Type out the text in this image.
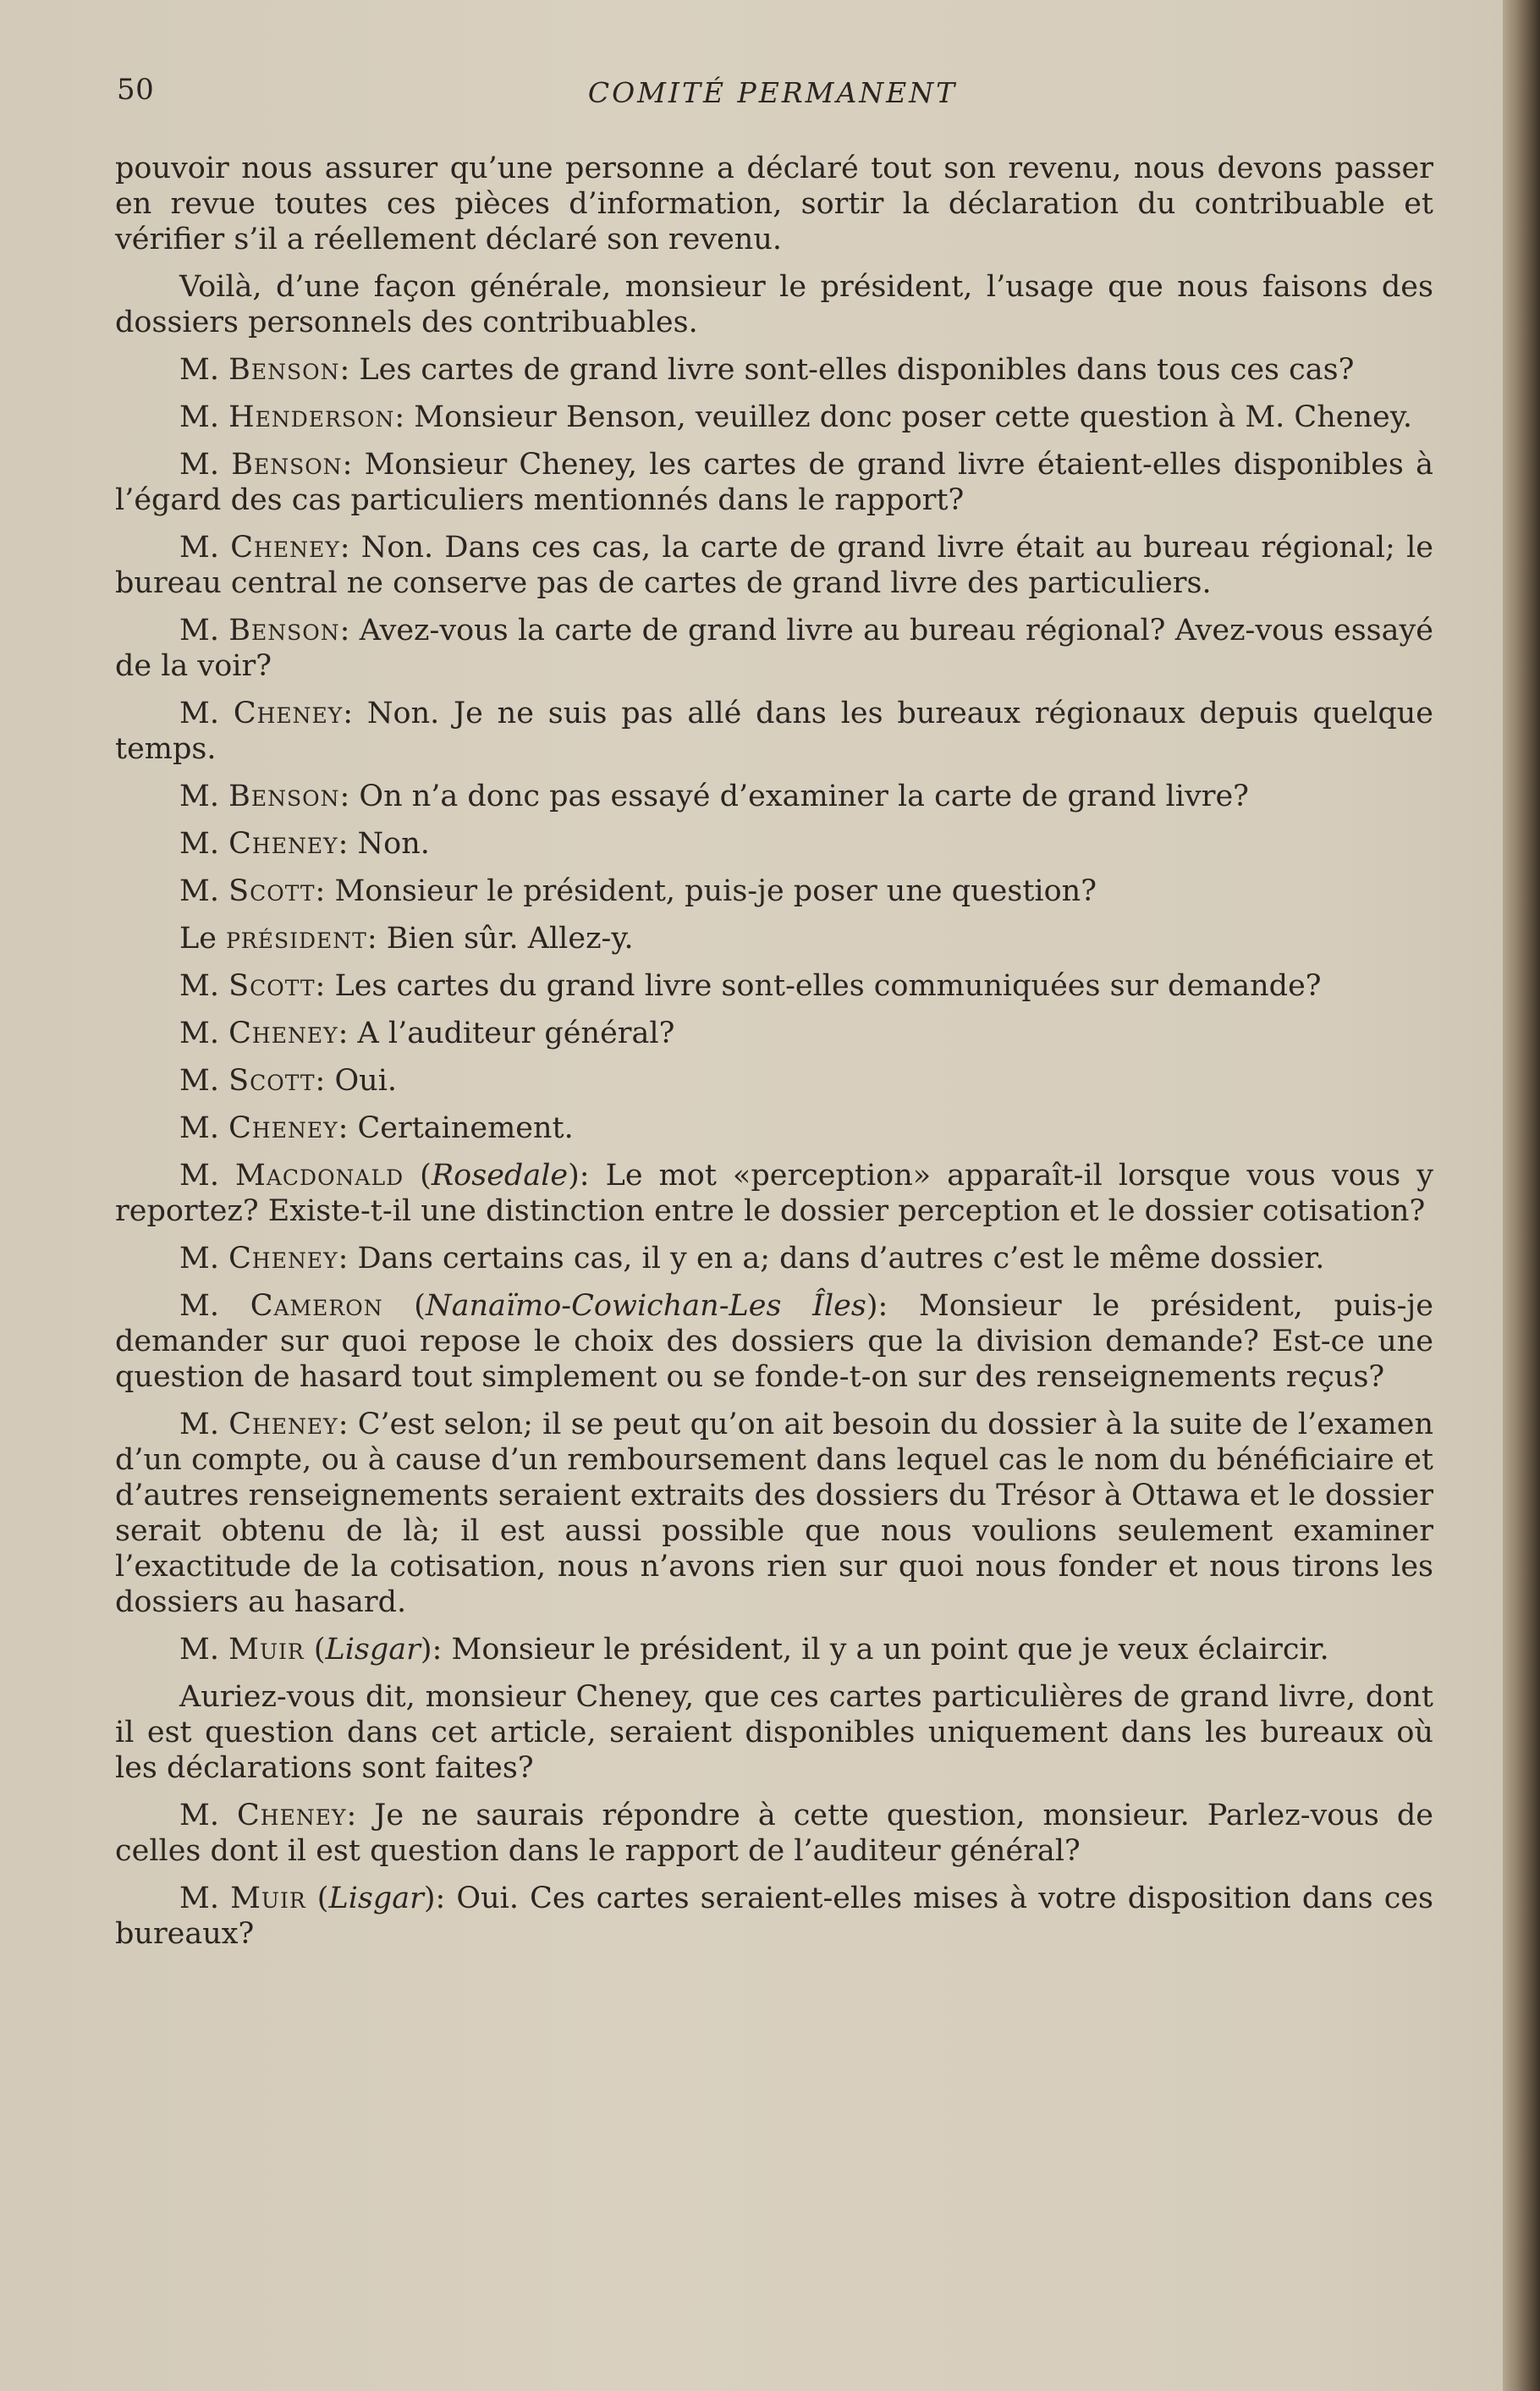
50	COMITÉ PERMANENT

pouvoir nous assurer qu’une personne a déclaré tout son revenu, nous devons passer en revue toutes ces pièces d’information, sortir la déclaration du contribuable et vérifier s’il a réellement déclaré son revenu.

Voilà, d’une façon générale, monsieur le président, l’usage que nous faisons des dossiers personnels des contribuables.

M. Benson: Les cartes de grand livre sont-elles disponibles dans tous ces cas?

M. Henderson: Monsieur Benson, veuillez donc poser cette question à M. Cheney.

M. Benson: Monsieur Cheney, les cartes de grand livre étaient-elles disponibles à l’égard des cas particuliers mentionnés dans le rapport?

M. Cheney: Non. Dans ces cas, la carte de grand livre était au bureau régional; le bureau central ne conserve pas de cartes de grand livre des particuliers.

M. Benson: Avez-vous la carte de grand livre au bureau régional? Avez-vous essayé de la voir?

M. Cheney: Non. Je ne suis pas allé dans les bureaux régionaux depuis quelque temps.

M. Benson: On n’a donc pas essayé d’examiner la carte de grand livre?

M. Cheney: Non.

M. Scott: Monsieur le président, puis-je poser une question?

Le président: Bien sûr. Allez-y.

M. Scott: Les cartes du grand livre sont-elles communiquées sur demande?

M. Cheney: A l’auditeur général?

M. Scott: Oui.

M. Cheney: Certainement.

M. Macdonald (Rosedale): Le mot «perception» apparaît-il lorsque vous vous y reportez? Existe-t-il une distinction entre le dossier perception et le dossier cotisation?

M. Cheney: Dans certains cas, il y en a; dans d’autres c’est le même dossier.

M. Cameron (Nanaïmo-Cowichan-Les Îles): Monsieur le président, puis-je demander sur quoi repose le choix des dossiers que la division demande? Est-ce une question de hasard tout simplement ou se fonde-t-on sur des renseignements reçus?

M. Cheney: C’est selon; il se peut qu’on ait besoin du dossier à la suite de l’examen d’un compte, ou à cause d’un remboursement dans lequel cas le nom du bénéficiaire et d’autres renseignements seraient extraits des dossiers du Trésor à Ottawa et le dossier serait obtenu de là; il est aussi possible que nous voulions seulement examiner l’exactitude de la cotisation, nous n’avons rien sur quoi nous fonder et nous tirons les dossiers au hasard.

M. Muir (Lisgar): Monsieur le président, il y a un point que je veux éclaircir.

Auriez-vous dit, monsieur Cheney, que ces cartes particulières de grand livre, dont il est question dans cet article, seraient disponibles uniquement dans les bureaux où les déclarations sont faites?

M. Cheney: Je ne saurais répondre à cette question, monsieur. Parlez-vous de celles dont il est question dans le rapport de l’auditeur général?

M. Muir (Lisgar): Oui. Ces cartes seraient-elles mises à votre disposition dans ces bureaux?
